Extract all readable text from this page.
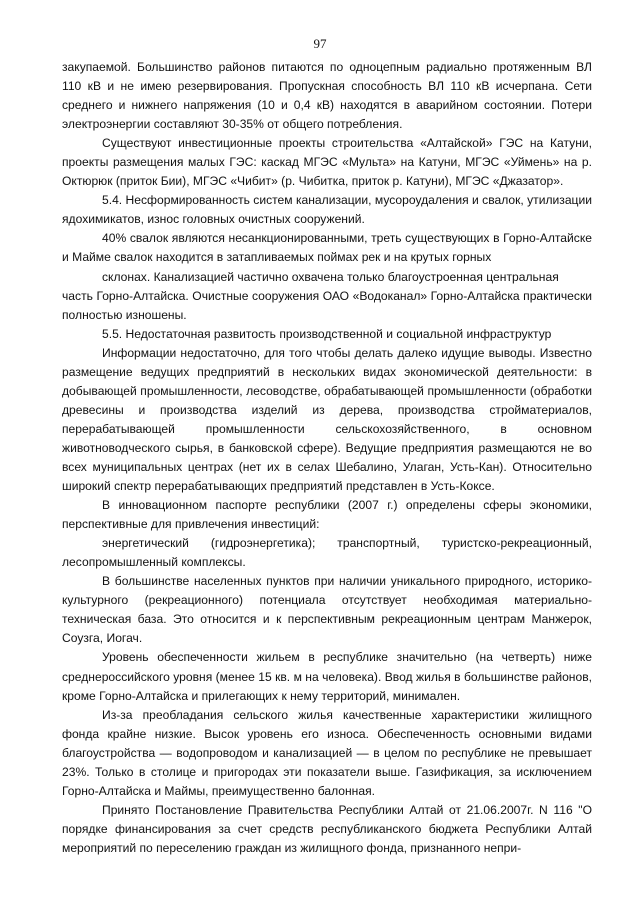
97

закупаемой. Большинство районов питаются по одноцепным радиально протяженным ВЛ 110 кВ и не имею резервирования. Пропускная способность ВЛ 110 кВ исчерпана. Сети среднего и нижнего напряжения (10 и 0,4 кВ) находятся в аварийном состоянии. Потери электроэнергии составляют 30-35% от общего потребления.

Существуют инвестиционные проекты строительства «Алтайской» ГЭС на Катуни, проекты размещения малых ГЭС: каскад МГЭС «Мульта» на Катуни, МГЭС «Уймень» на р. Октюрюк (приток Бии), МГЭС «Чибит» (р. Чибитка, приток р. Катуни), МГЭС «Джазатор».

5.4. Несформированность систем канализации, мусороудаления и свалок, утилизации ядохимикатов, износ головных очистных сооружений.

40% свалок являются несанкционированными, треть существующих в Горно-Алтайске и Майме свалок находится в затапливаемых поймах рек и на крутых горных

склонах. Канализацией частично охвачена только благоустроенная центральная

часть Горно-Алтайска. Очистные сооружения ОАО «Водоканал» Горно-Алтайска практически полностью изношены.

5.5. Недостаточная развитость производственной и социальной инфраструктур

Информации недостаточно, для того чтобы делать далеко идущие выводы. Известно размещение ведущих предприятий в нескольких видах экономической деятельности: в добывающей промышленности, лесоводстве, обрабатывающей промышленности (обработки древесины и производства изделий из дерева, производства стройматериалов, перерабатывающей промышленности сельскохозяйственного, в основном животноводческого сырья, в банковской сфере). Ведущие предприятия размещаются не во всех муниципальных центрах (нет их в селах Шебалино, Улаган, Усть-Кан). Относительно широкий спектр перерабатывающих предприятий представлен в Усть-Коксе.

В инновационном паспорте республики (2007 г.) определены сферы экономики, перспективные для привлечения инвестиций:

энергетический (гидроэнергетика); транспортный, туристско-рекреационный, лесопромышленный комплексы.

В большинстве населенных пунктов при наличии уникального природного, историко-культурного (рекреационного) потенциала отсутствует необходимая материально-техническая база. Это относится и к перспективным рекреационным центрам Манжерок, Соузга, Иогач.

Уровень обеспеченности жильем в республике значительно (на четверть) ниже среднероссийского уровня (менее 15 кв. м на человека). Ввод жилья в большинстве районов, кроме Горно-Алтайска и прилегающих к нему территорий, минимален.

Из-за преобладания сельского жилья качественные характеристики жилищного фонда крайне низкие. Высок уровень его износа. Обеспеченность основными видами благоустройства — водопроводом и канализацией — в целом по республике не превышает 23%. Только в столице и пригородах эти показатели выше. Газификация, за исключением Горно-Алтайска и Маймы, преимущественно балонная.

Принято Постановление Правительства Республики Алтай от 21.06.2007г. N 116 "О порядке финансирования за счет средств республиканского бюджета Республики Алтай мероприятий по переселению граждан из жилищного фонда, признанного непри-
